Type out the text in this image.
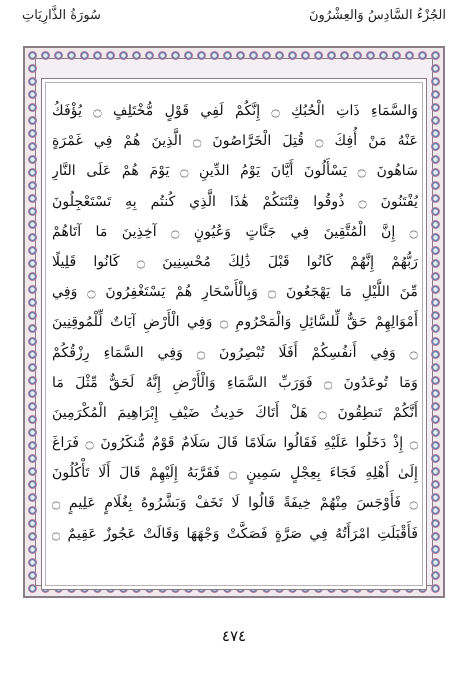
سُورَةُ الذَّارِيَاتِ	الجُزْءُ السَّادِسُ وَالعِشْرُونَ
وَالسَّمَاءِ ذَاتِ الْحُبُكِ ۝ إِنَّكُمْ لَفِي قَوْلٍ مُّخْتَلِفٍ ۝ يُؤْفَكُ
عَنْهُ مَنْ أُفِكَ ۝ قُتِلَ الْخَرَّاصُونَ ۝ الَّذِينَ هُمْ فِي غَمْرَةٍ
سَاهُونَ ۝ يَسْأَلُونَ أَيَّانَ يَوْمُ الدِّينِ ۝ يَوْمَ هُمْ عَلَى النَّارِ
يُفْتَنُونَ ۝ ذُوقُوا فِتْنَتَكُمْ هَٰذَا الَّذِي كُنتُم بِهِ تَسْتَعْجِلُونَ
۝ إِنَّ الْمُتَّقِينَ فِي جَنَّاتٍ وَعُيُونٍ ۝ آخِذِينَ مَا آتَاهُمْ
رَبُّهُمْ إِنَّهُمْ كَانُوا قَبْلَ ذَٰلِكَ مُحْسِنِينَ ۝ كَانُوا قَلِيلًا
مِّنَ اللَّيْلِ مَا يَهْجَعُونَ ۝ وَبِالْأَسْحَارِ هُمْ يَسْتَغْفِرُونَ ۝ وَفِي
أَمْوَالِهِمْ حَقٌّ لِّلسَّائِلِ وَالْمَحْرُومِ ۝ وَفِي الْأَرْضِ آيَاتٌ لِّلْمُوقِنِينَ
۝ وَفِي أَنفُسِكُمْ أَفَلَا تُبْصِرُونَ ۝ وَفِي السَّمَاءِ رِزْقُكُمْ
وَمَا تُوعَدُونَ ۝ فَوَرَبِّ السَّمَاءِ وَالْأَرْضِ إِنَّهُ لَحَقٌّ مِّثْلَ مَا
أَنَّكُمْ تَنطِقُونَ ۝ هَلْ أَتَاكَ حَدِيثُ ضَيْفِ إِبْرَاهِيمَ الْمُكْرَمِينَ
۝ إِذْ دَخَلُوا عَلَيْهِ فَقَالُوا سَلَامًا قَالَ سَلَامٌ قَوْمٌ مُّنكَرُونَ ۝ فَرَاغَ
إِلَىٰ أَهْلِهِ فَجَاءَ بِعِجْلٍ سَمِينٍ ۝ فَقَرَّبَهُ إِلَيْهِمْ قَالَ أَلَا تَأْكُلُونَ
۝ فَأَوْجَسَ مِنْهُمْ خِيفَةً قَالُوا لَا تَخَفْ وَبَشَّرُوهُ بِغُلَامٍ عَلِيمٍ ۝
فَأَقْبَلَتِ امْرَأَتُهُ فِي صَرَّةٍ فَصَكَّتْ وَجْهَهَا وَقَالَتْ عَجُوزٌ عَقِيمٌ ۝
٤٧٤
